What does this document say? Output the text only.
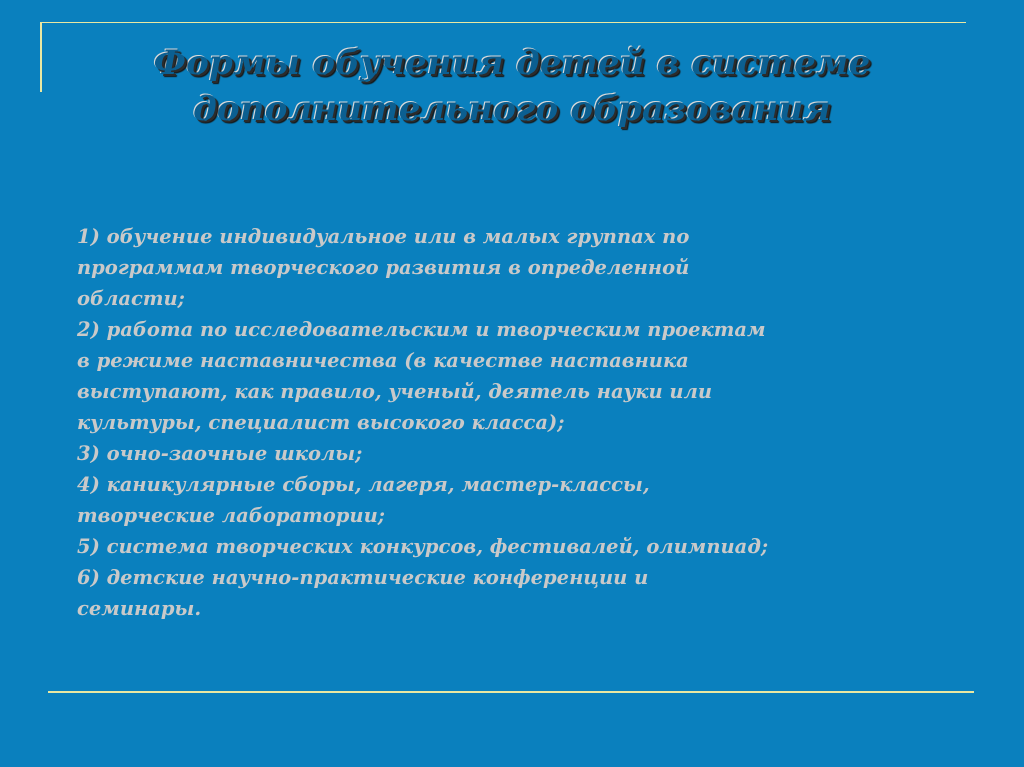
Формы обучения детей в системе
дополнительного образования
1) обучение индивидуальное или в малых группах по
программам творческого развития в определенной
области;
2) работа по исследовательским и творческим проектам
в режиме наставничества (в качестве наставника
выступают, как правило, ученый, деятель науки или
культуры, специалист высокого класса);
3) очно-заочные школы;
4) каникулярные сборы, лагеря, мастер-классы,
творческие лаборатории;
5) система творческих конкурсов, фестивалей, олимпиад;
6) детские научно-практические конференции и
семинары.
